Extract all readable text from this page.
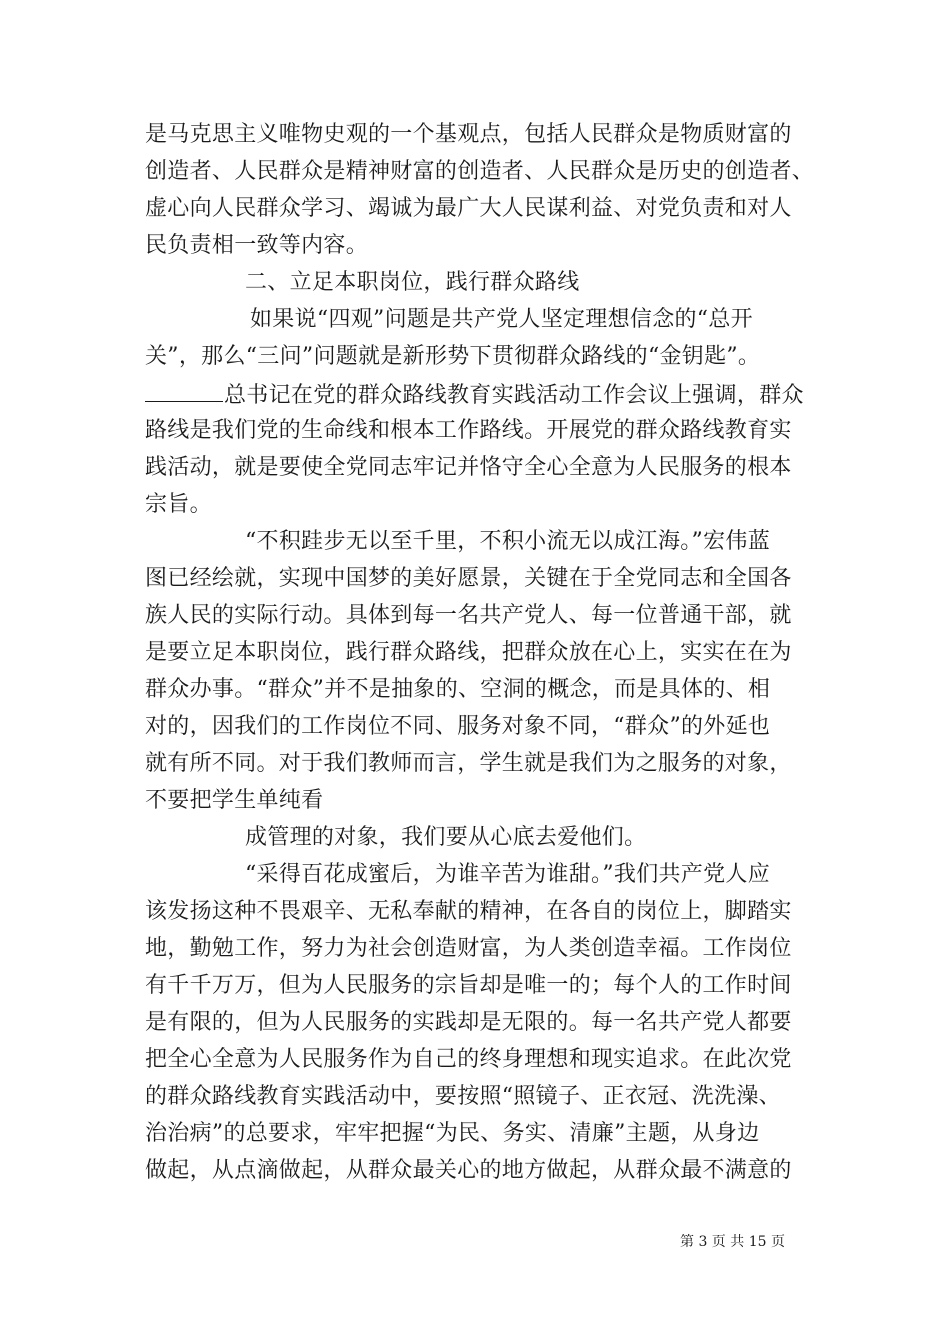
是马克思主义唯物史观的一个基观点，包括人民群众是物质财富的
创造者、人民群众是精神财富的创造者、人民群众是历史的创造者、
虚心向人民群众学习、竭诚为最广大人民谋利益、对党负责和对人
民负责相一致等内容。
二、立足本职岗位，践行群众路线
如果说“四观”问题是共产党人坚定理想信念的“总开
关”，那么“三问”问题就是新形势下贯彻群众路线的“金钥匙”。
总书记在党的群众路线教育实践活动工作会议上强调，群众
路线是我们党的生命线和根本工作路线。开展党的群众路线教育实
践活动，就是要使全党同志牢记并恪守全心全意为人民服务的根本
宗旨。
“不积跬步无以至千里，不积小流无以成江海。”宏伟蓝
图已经绘就，实现中国梦的美好愿景，关键在于全党同志和全国各
族人民的实际行动。具体到每一名共产党人、每一位普通干部，就
是要立足本职岗位，践行群众路线，把群众放在心上，实实在在为
群众办事。“群众”并不是抽象的、空洞的概念，而是具体的、相
对的，因我们的工作岗位不同、服务对象不同，“群众”的外延也
就有所不同。对于我们教师而言，学生就是我们为之服务的对象，
不要把学生单纯看
成管理的对象，我们要从心底去爱他们。
“采得百花成蜜后，为谁辛苦为谁甜。”我们共产党人应
该发扬这种不畏艰辛、无私奉献的精神，在各自的岗位上，脚踏实
地，勤勉工作，努力为社会创造财富，为人类创造幸福。工作岗位
有千千万万，但为人民服务的宗旨却是唯一的；每个人的工作时间
是有限的，但为人民服务的实践却是无限的。每一名共产党人都要
把全心全意为人民服务作为自己的终身理想和现实追求。在此次党
的群众路线教育实践活动中，要按照“照镜子、正衣冠、洗洗澡、
治治病”的总要求，牢牢把握“为民、务实、清廉”主题，从身边
做起，从点滴做起，从群众最关心的地方做起，从群众最不满意的
第 3 页 共 15 页
